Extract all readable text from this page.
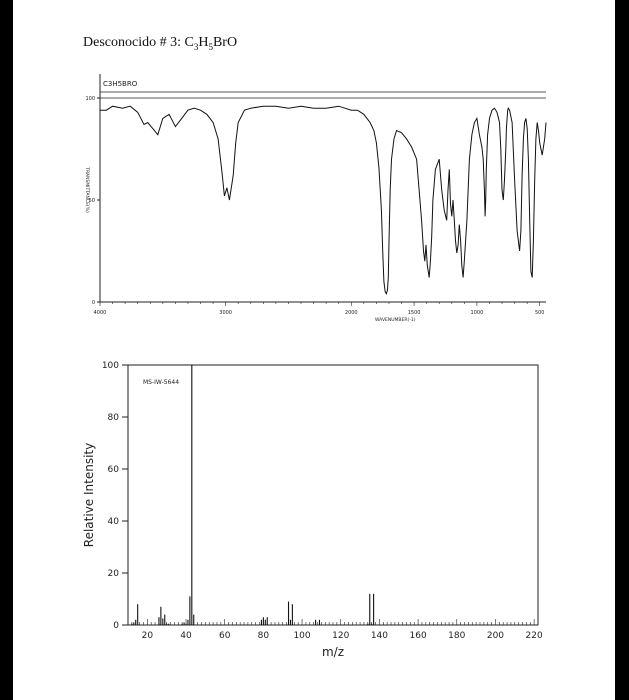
Desconocido # 3: $C_3H_5BrO$
C3H5BRO
0
50
100
4000	3000	2000	1500	1000	500
WAVENUMBER(-1)
TRANSMITTANCE(%)
MS-IW-5644
0
20
40
60
80
100
20	40	60	80	100 120 140 160 180 200 220
m/z
Relative Intensity
